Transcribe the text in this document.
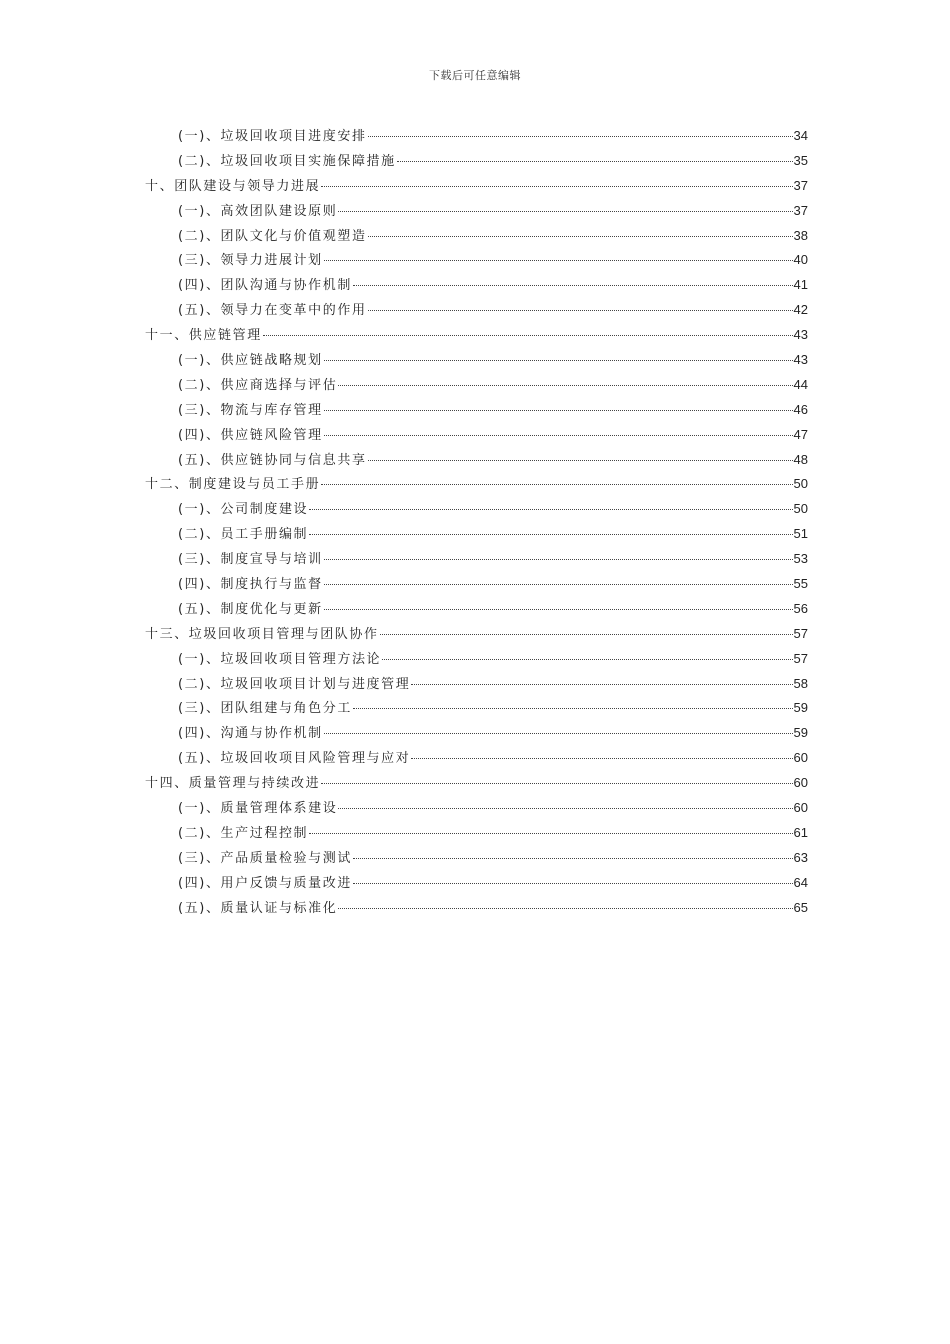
下载后可任意编辑
(一)、垃圾回收项目进度安排	34
(二)、垃圾回收项目实施保障措施	35
十、团队建设与领导力进展	37
(一)、高效团队建设原则	37
(二)、团队文化与价值观塑造	38
(三)、领导力进展计划	40
(四)、团队沟通与协作机制	41
(五)、领导力在变革中的作用	42
十一、供应链管理	43
(一)、供应链战略规划	43
(二)、供应商选择与评估	44
(三)、物流与库存管理	46
(四)、供应链风险管理	47
(五)、供应链协同与信息共享	48
十二、制度建设与员工手册	50
(一)、公司制度建设	50
(二)、员工手册编制	51
(三)、制度宣导与培训	53
(四)、制度执行与监督	55
(五)、制度优化与更新	56
十三、垃圾回收项目管理与团队协作	57
(一)、垃圾回收项目管理方法论	57
(二)、垃圾回收项目计划与进度管理	58
(三)、团队组建与角色分工	59
(四)、沟通与协作机制	59
(五)、垃圾回收项目风险管理与应对	60
十四、质量管理与持续改进	60
(一)、质量管理体系建设	60
(二)、生产过程控制	61
(三)、产品质量检验与测试	63
(四)、用户反馈与质量改进	64
(五)、质量认证与标准化	65
